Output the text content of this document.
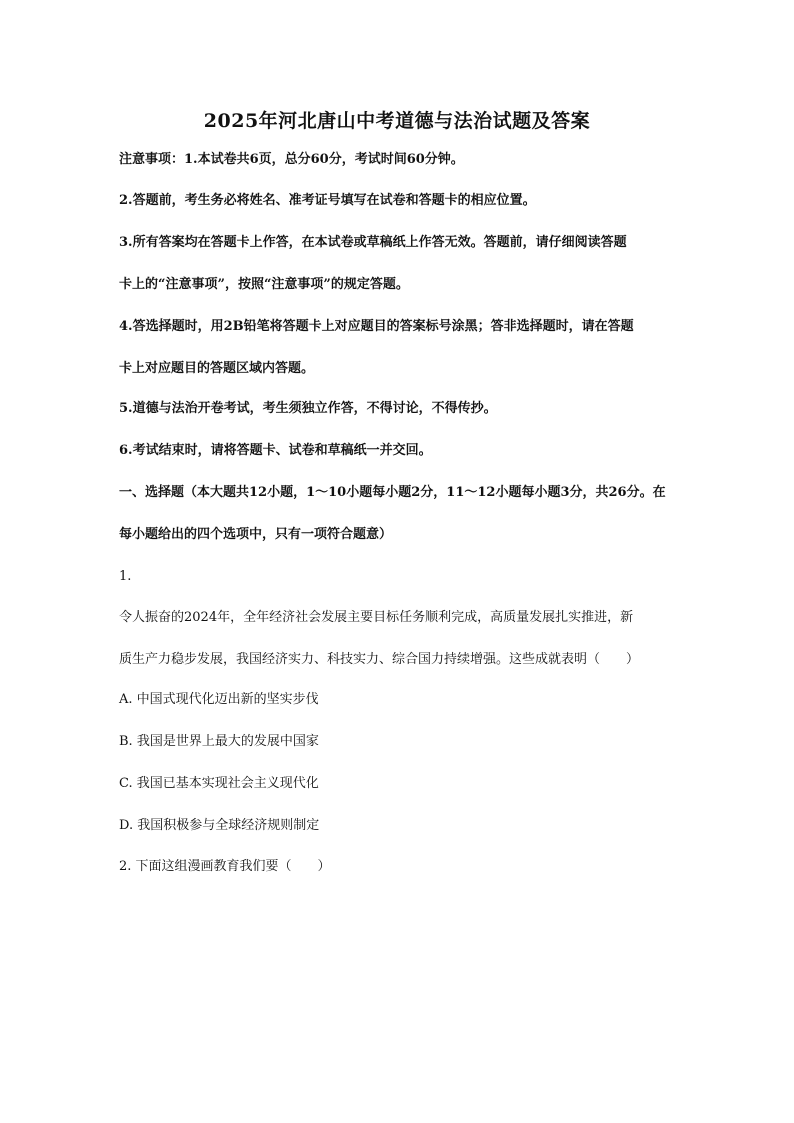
2025年河北唐山中考道德与法治试题及答案
注意事项：1.本试卷共6页，总分60分，考试时间60分钟。
2.答题前，考生务必将姓名、准考证号填写在试卷和答题卡的相应位置。
3.所有答案均在答题卡上作答，在本试卷或草稿纸上作答无效。答题前，请仔细阅读答题
卡上的“注意事项”，按照“注意事项”的规定答题。
4.答选择题时，用2B铅笔将答题卡上对应题目的答案标号涂黑；答非选择题时，请在答题
卡上对应题目的答题区域内答题。
5.道德与法治开卷考试，考生须独立作答，不得讨论，不得传抄。
6.考试结束时，请将答题卡、试卷和草稿纸一并交回。
一、选择题（本大题共12小题，1～10小题每小题2分，11～12小题每小题3分，共26分。在
每小题给出的四个选项中，只有一项符合题意）
1.
令人振奋的2024年，全年经济社会发展主要目标任务顺利完成，高质量发展扎实推进，新
质生产力稳步发展，我国经济实力、科技实力、综合国力持续增强。这些成就表明（　　）
A. 中国式现代化迈出新的坚实步伐
B. 我国是世界上最大的发展中国家
C. 我国已基本实现社会主义现代化
D. 我国积极参与全球经济规则制定
2. 下面这组漫画教育我们要（　　）
